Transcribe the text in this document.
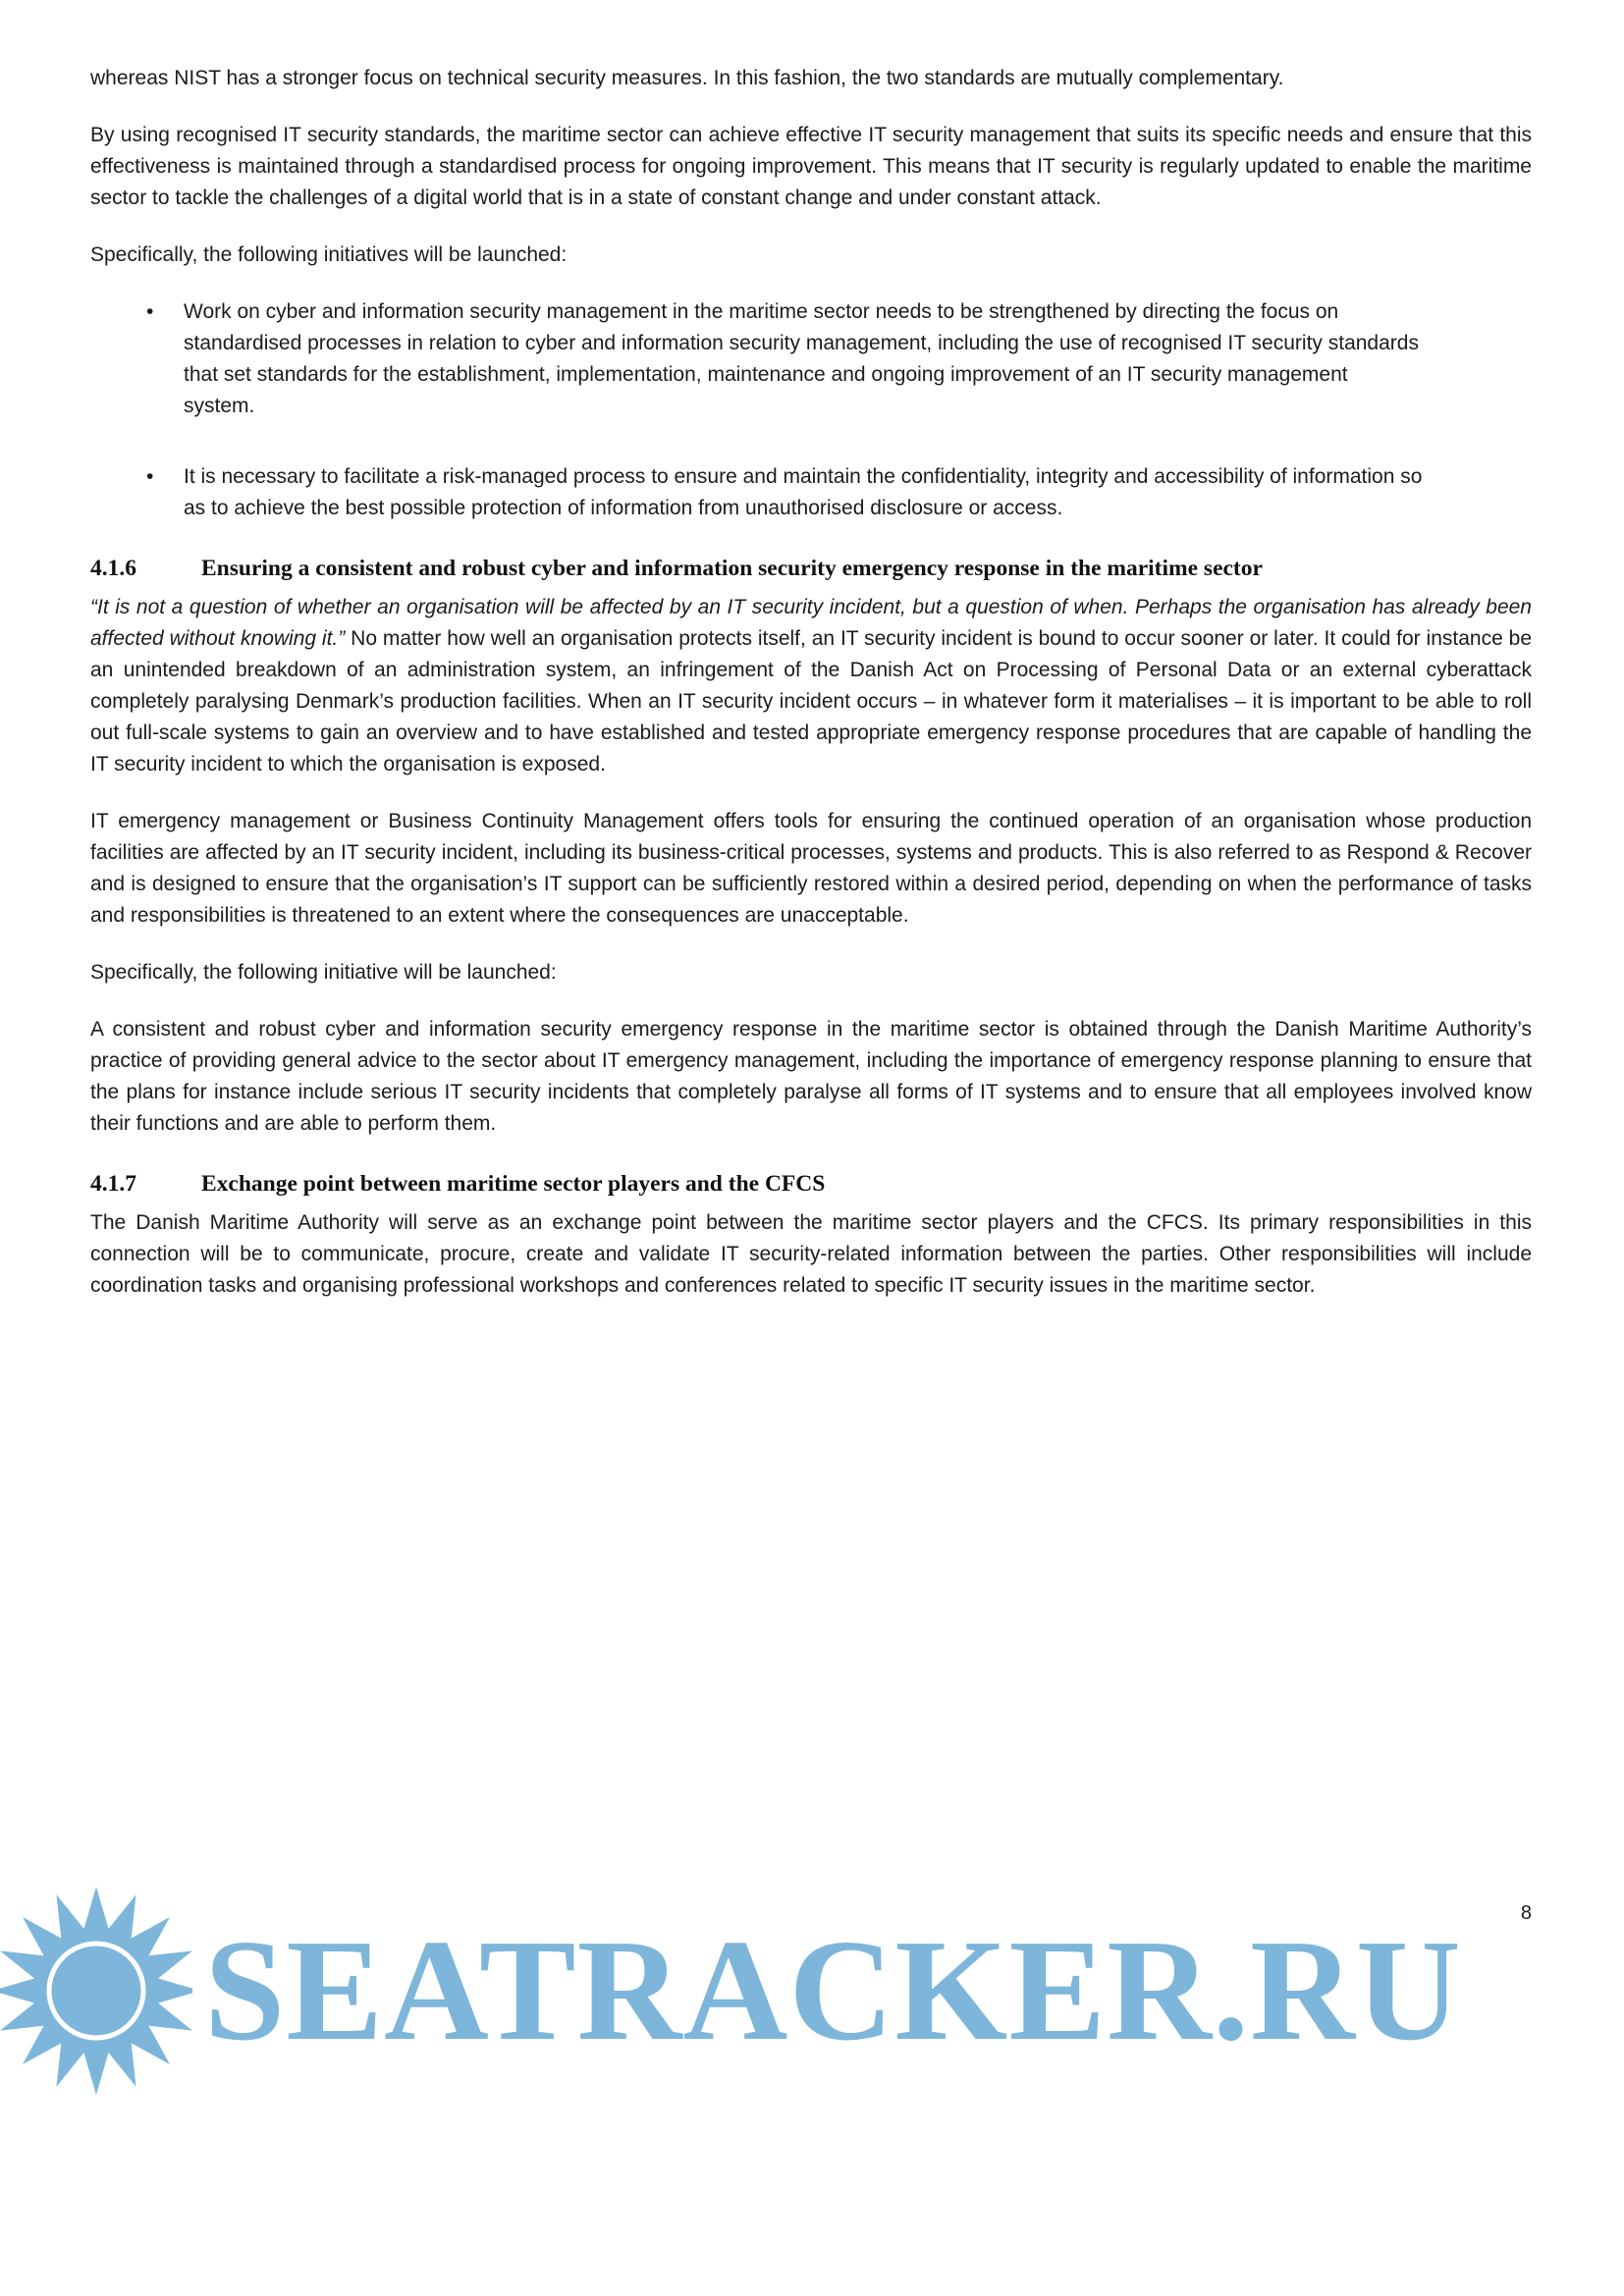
whereas NIST has a stronger focus on technical security measures. In this fashion, the two standards are mutually complementary.

By using recognised IT security standards, the maritime sector can achieve effective IT security management that suits its specific needs and ensure that this effectiveness is maintained through a standardised process for ongoing improvement. This means that IT security is regularly updated to enable the maritime sector to tackle the challenges of a digital world that is in a state of constant change and under constant attack.

Specifically, the following initiatives will be launched:

•	Work on cyber and information security management in the maritime sector needs to be strengthened by directing the focus on standardised processes in relation to cyber and information security management, including the use of recognised IT security standards that set standards for the establishment, implementation, maintenance and ongoing improvement of an IT security management system.
•	It is necessary to facilitate a risk-managed process to ensure and maintain the confidentiality, integrity and accessibility of information so as to achieve the best possible protection of information from unauthorised disclosure or access.
4.1.6	Ensuring a consistent and robust cyber and information security emergency response in the maritime sector

“It is not a question of whether an organisation will be affected by an IT security incident, but a question of when. Perhaps the organisation has already been affected without knowing it.” No matter how well an organisation protects itself, an IT security incident is bound to occur sooner or later. It could for instance be an unintended breakdown of an administration system, an infringement of the Danish Act on Processing of Personal Data or an external cyberattack completely paralysing Denmark’s production facilities. When an IT security incident occurs – in whatever form it materialises – it is important to be able to roll out full-scale systems to gain an overview and to have established and tested appropriate emergency response procedures that are capable of handling the IT security incident to which the organisation is exposed.

IT emergency management or Business Continuity Management offers tools for ensuring the continued operation of an organisation whose production facilities are affected by an IT security incident, including its business-critical processes, systems and products. This is also referred to as Respond & Recover and is designed to ensure that the organisation’s IT support can be sufficiently restored within a desired period, depending on when the performance of tasks and responsibilities is threatened to an extent where the consequences are unacceptable.

Specifically, the following initiative will be launched:

A consistent and robust cyber and information security emergency response in the maritime sector is obtained through the Danish Maritime Authority’s practice of providing general advice to the sector about IT emergency management, including the importance of emergency response planning to ensure that the plans for instance include serious IT security incidents that completely paralyse all forms of IT systems and to ensure that all employees involved know their functions and are able to perform them.

4.1.7	Exchange point between maritime sector players and the CFCS

The Danish Maritime Authority will serve as an exchange point between the maritime sector players and the CFCS. Its primary responsibilities in this connection will be to communicate, procure, create and validate IT security-related information between the parties. Other responsibilities will include coordination tasks and organising professional workshops and conferences related to specific IT security issues in the maritime sector.

SEATRACKER.RU	8
